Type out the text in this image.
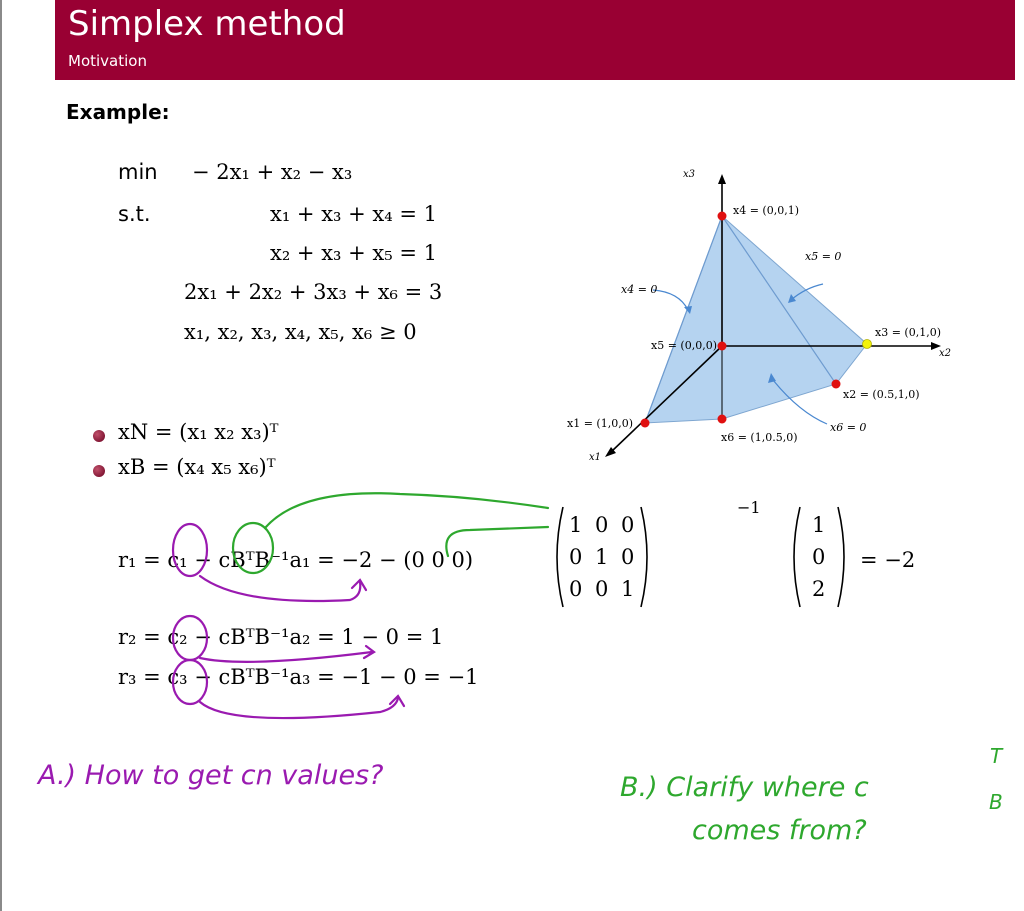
Simplex method
Motivation
Example:
min − 2x₁ + x₂ − x₃
s.t.	x₁ + x₃ + x₄ = 1
x₂ + x₃ + x₅ = 1
2x₁ + 2x₂ + 3x₃ + x₆ = 3
x₁, x₂, x₃, x₄, x₅, x₆ ≥ 0
xN = (x₁ x₂ x₃)ᵀ
xB = (x₄ x₅ x₆)ᵀ
r₁ = c₁ − cBᵀB⁻¹a₁ = −2 − (0 0 0)
1 0 0
0 1 0
0 0 1
−1
1
0
2
= −2
r₂ = c₂ − cBᵀB⁻¹a₂ = 1 − 0 = 1
r₃ = c₃ − cBᵀB⁻¹a₃ = −1 − 0 = −1
x3
x2
x1
x4 = (0,0,1)
x3 = (0,1,0)
x5 = (0,0,0)
x2 = (0.5,1,0)
x1 = (1,0,0)
x6 = (1,0.5,0)
x5 = 0
x4 = 0
x6 = 0
A.) How to get cn values?	B.) Clarify where c
T
B
comes from?
